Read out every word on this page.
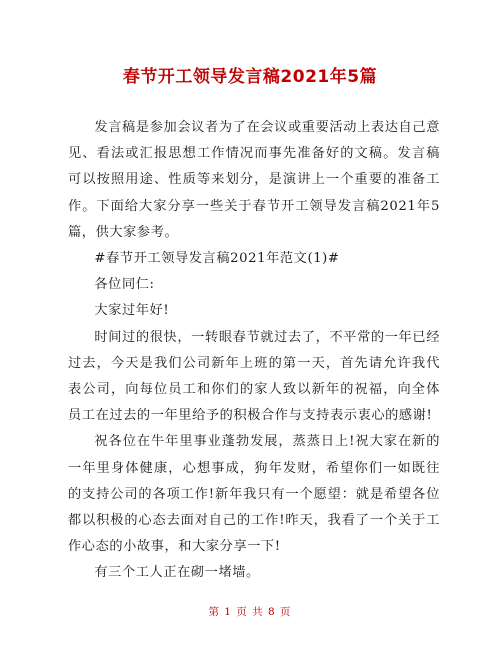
春节开工领导发言稿2021年5篇

发言稿是参加会议者为了在会议或重要活动上表达自己意见、看法或汇报思想工作情况而事先准备好的文稿。发言稿可以按照用途、性质等来划分，是演讲上一个重要的准备工作。下面给大家分享一些关于春节开工领导发言稿2021年5篇，供大家参考。

#春节开工领导发言稿2021年范文(1)#

各位同仁:

大家过年好!

时间过的很快，一转眼春节就过去了，不平常的一年已经过去，今天是我们公司新年上班的第一天，首先请允许我代表公司，向每位员工和你们的家人致以新年的祝福，向全体员工在过去的一年里给予的积极合作与支持表示衷心的感谢!

祝各位在牛年里事业蓬勃发展，蒸蒸日上!祝大家在新的一年里身体健康，心想事成，狗年发财，希望你们一如既往的支持公司的各项工作!新年我只有一个愿望：就是希望各位都以积极的心态去面对自己的工作!昨天，我看了一个关于工作心态的小故事，和大家分享一下!

有三个工人正在砌一堵墙。

第 1 页 共 8 页
